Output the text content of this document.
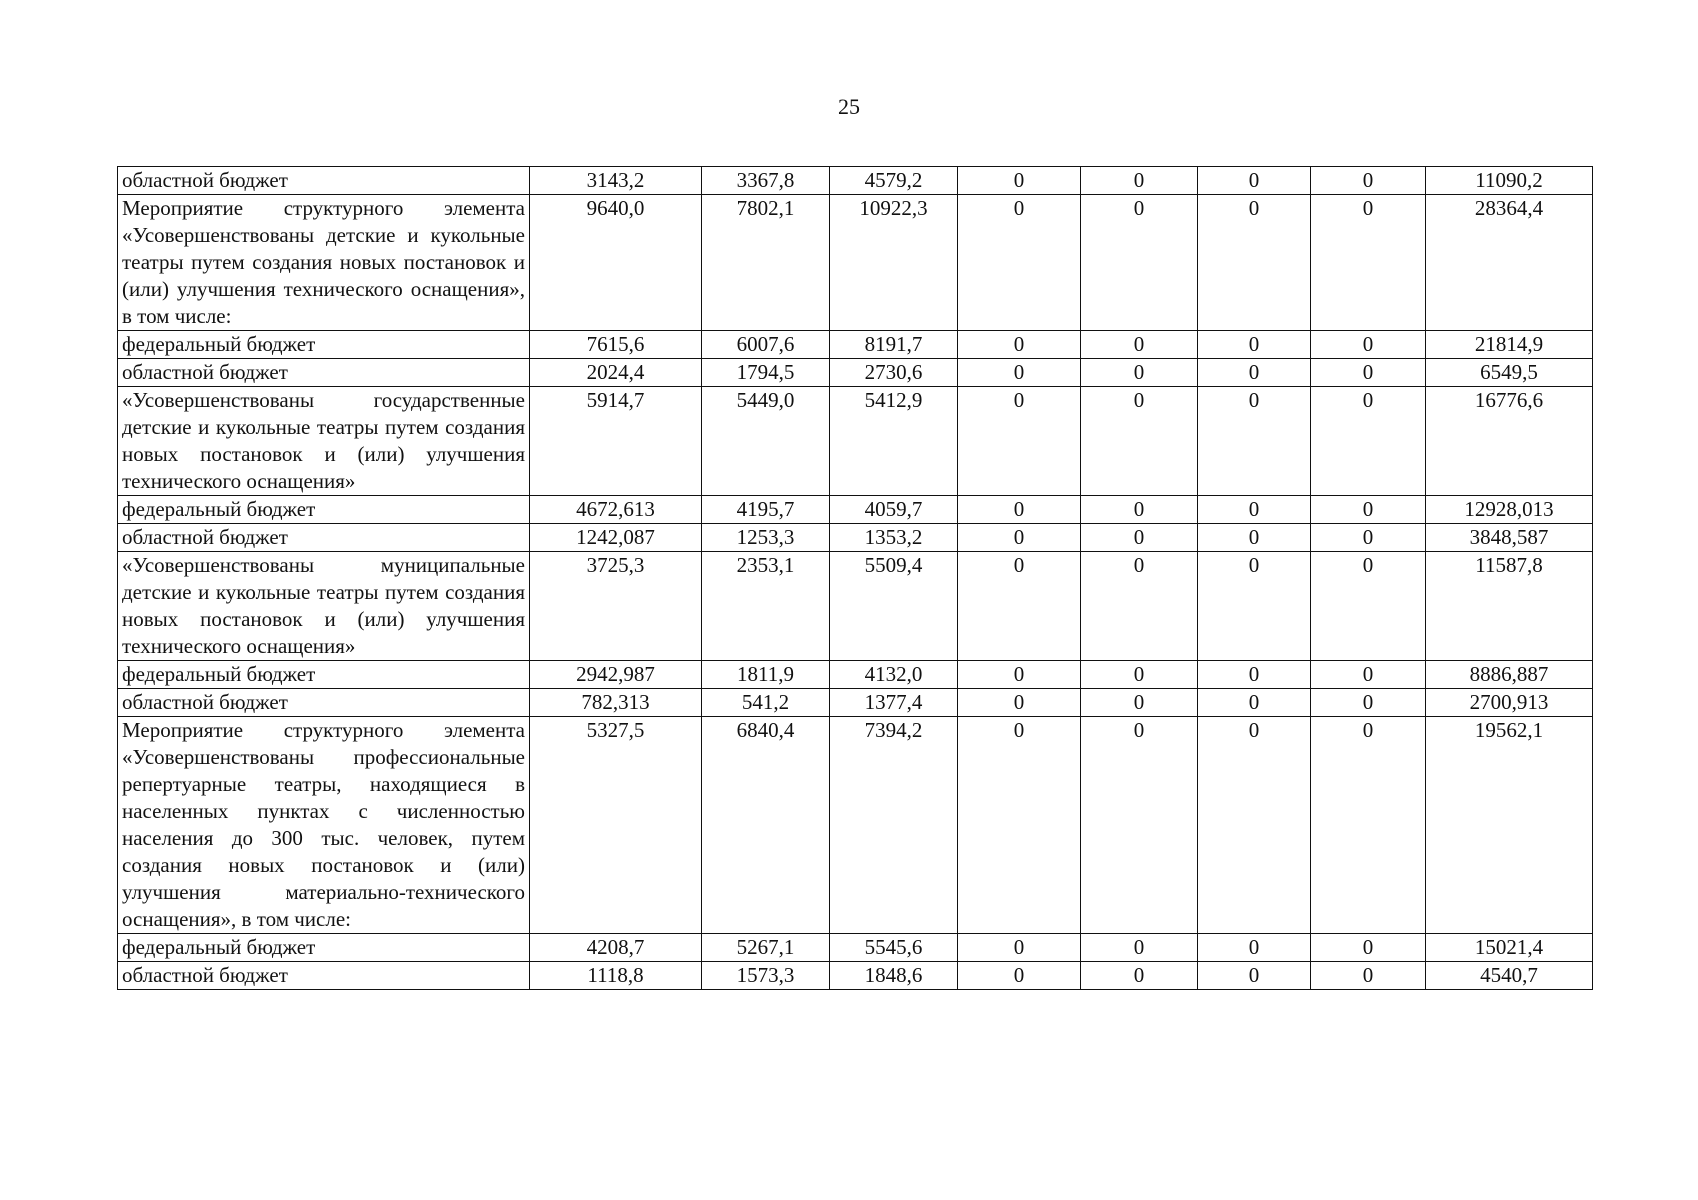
25
областной бюджет	3143,2	3367,8	4579,2	0	0	0	0	11090,2
Мероприятие структурного элемента «Усовершенствованы детские и кукольные театры путем создания новых постановок и (или) улучшения технического оснащения», в том числе:	9640,0	7802,1	10922,3	0	0	0	0	28364,4
федеральный бюджет	7615,6	6007,6	8191,7	0	0	0	0	21814,9
областной бюджет	2024,4	1794,5	2730,6	0	0	0	0	6549,5
«Усовершенствованы государственные детские и кукольные театры путем создания новых постановок и (или) улучшения технического оснащения»	5914,7	5449,0	5412,9	0	0	0	0	16776,6
федеральный бюджет	4672,613	4195,7	4059,7	0	0	0	0	12928,013
областной бюджет	1242,087	1253,3	1353,2	0	0	0	0	3848,587
«Усовершенствованы муниципальные детские и кукольные театры путем создания новых постановок и (или) улучшения технического оснащения»	3725,3	2353,1	5509,4	0	0	0	0	11587,8
федеральный бюджет	2942,987	1811,9	4132,0	0	0	0	0	8886,887
областной бюджет	782,313	541,2	1377,4	0	0	0	0	2700,913
Мероприятие структурного элемента «Усовершенствованы профессиональные репертуарные театры, находящиеся в населенных пунктах с численностью населения до 300 тыс. человек, путем создания новых постановок и (или) улучшения материально-технического оснащения», в том числе:	5327,5	6840,4	7394,2	0	0	0	0	19562,1
федеральный бюджет	4208,7	5267,1	5545,6	0	0	0	0	15021,4
областной бюджет	1118,8	1573,3	1848,6	0	0	0	0	4540,7
